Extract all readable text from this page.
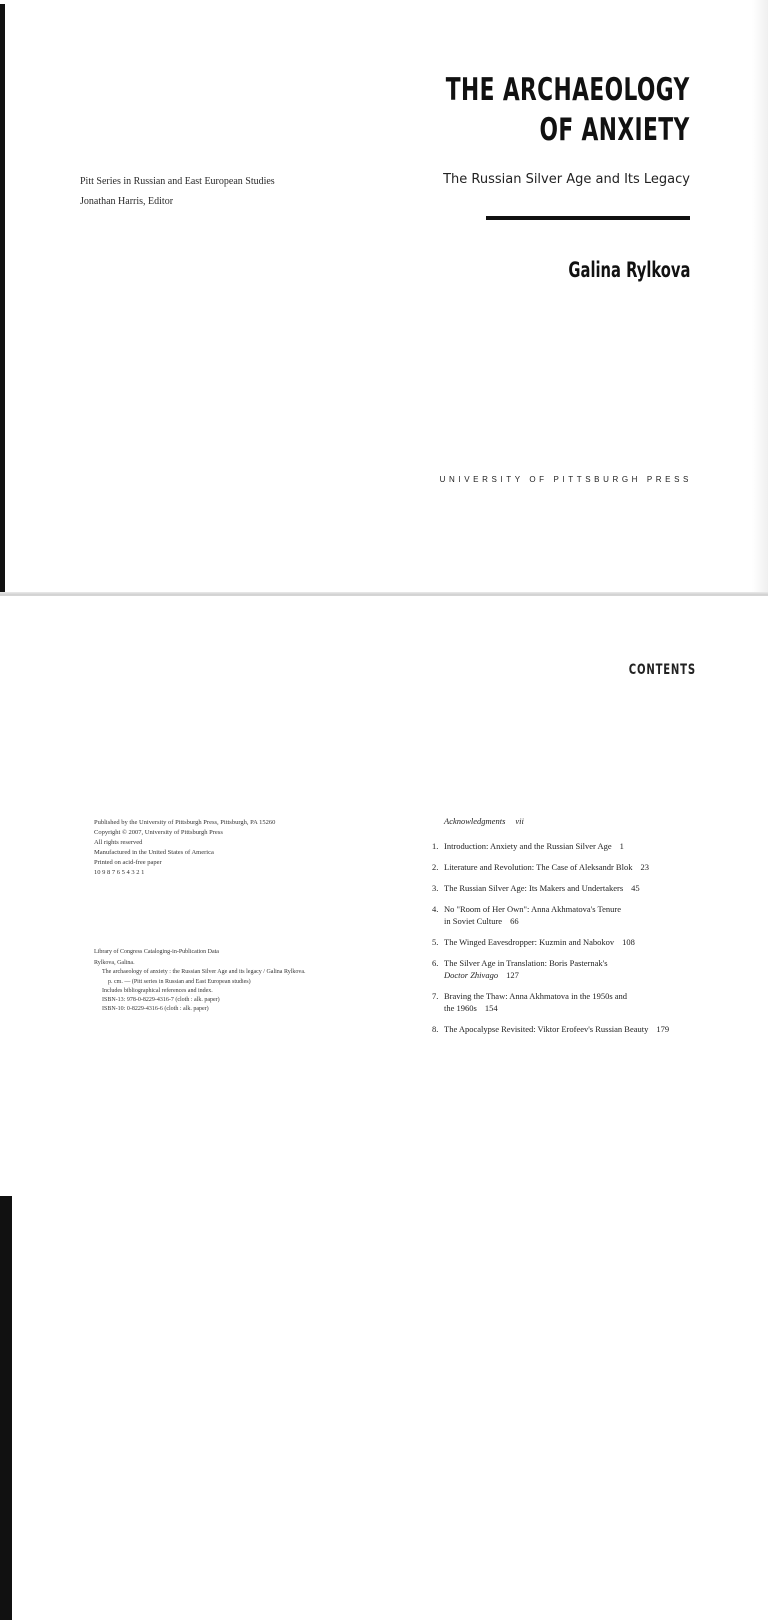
Pitt Series in Russian and East European Studies
Jonathan Harris, Editor
THE ARCHAEOLOGY
OF ANXIETY
The Russian Silver Age and Its Legacy
Galina Rylkova
UNIVERSITY OF PITTSBURGH PRESS
CONTENTS
Published by the University of Pittsburgh Press, Pittsburgh, PA 15260
Copyright © 2007, University of Pittsburgh Press
All rights reserved
Manufactured in the United States of America
Printed on acid-free paper
10 9 8 7 6 5 4 3 2 1
Library of Congress Cataloging-in-Publication Data
Rylkova, Galina.
The archaeology of anxiety : the Russian Silver Age and its legacy / Galina Rylkova.
p. cm. — (Pitt series in Russian and East European studies)
Includes bibliographical references and index.
ISBN-13: 978-0-8229-4316-7 (cloth : alk. paper)
ISBN-10: 0-8229-4316-6 (cloth : alk. paper)
Acknowledgments vii
1. Introduction: Anxiety and the Russian Silver Age 1
2. Literature and Revolution: The Case of Aleksandr Blok 23
3. The Russian Silver Age: Its Makers and Undertakers 45
4. No "Room of Her Own": Anna Akhmatova's Tenure
in Soviet Culture 66
5. The Winged Eavesdropper: Kuzmin and Nabokov 108
6. The Silver Age in Translation: Boris Pasternak's
Doctor Zhivago 127
7. Braving the Thaw: Anna Akhmatova in the 1950s and
the 1960s 154
8. The Apocalypse Revisited: Viktor Erofeev's Russian Beauty 179
